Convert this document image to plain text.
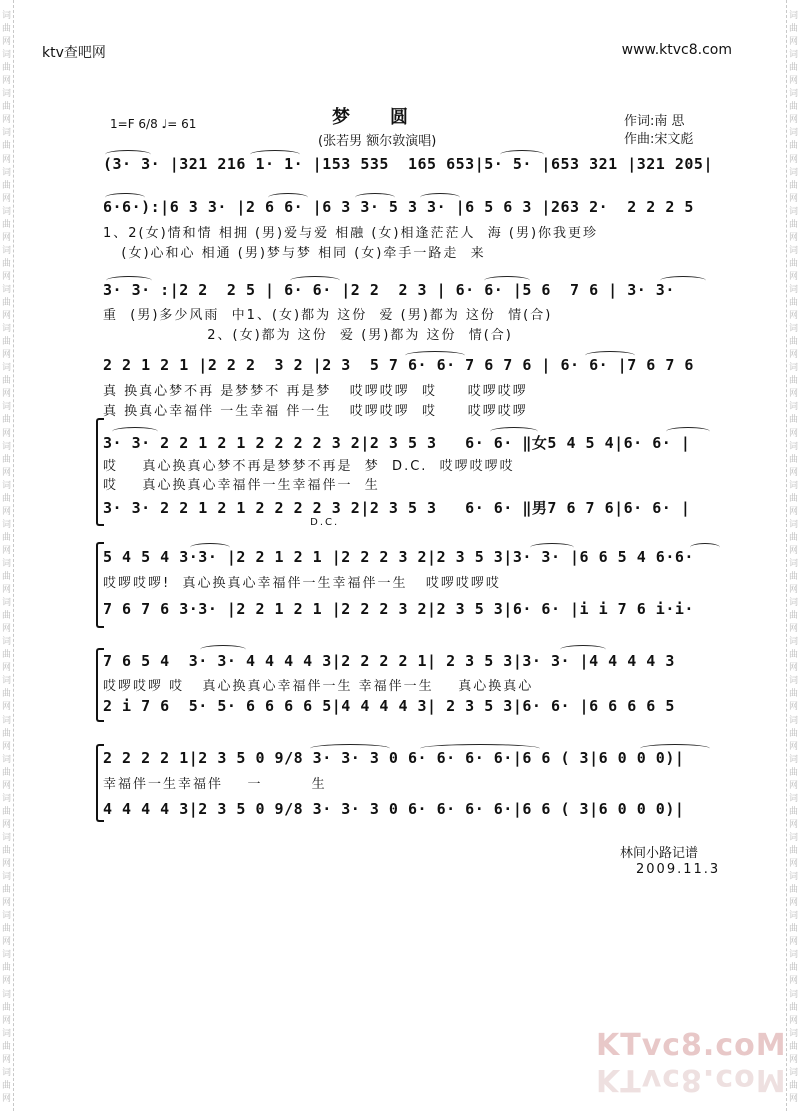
词
曲
网
词
曲
网
词
曲
网
词
曲
网
词
曲
网
词
曲
网
词
曲
网
词
曲
网
词
曲
网
词
曲
网
词
曲
网
词
曲
网
词
曲
网
词
曲
网
词
曲
网
词
曲
网
词
曲
网
词
曲
网
词
曲
网
词
曲
网
词
曲
网
词
曲
网
词
曲
网
词
曲
网
词
曲
网
词
曲
网
词
曲
网
词
曲
网
词
曲
网
词
曲
网
词
曲
网
词
曲
网
词
曲
网
词
曲
网
词
曲
网
词
曲
网
词
曲
网
词
曲
网
词
曲
网
词
曲
网
词
曲
网
词
曲
网
词
曲
网
词
曲
网
词
曲
网
词
曲
网
词
曲
网
词
曲
网
词
曲
网
词
曲
网
词
曲
网
词
曲
网
词
曲
网
词
曲
网
词
曲
网
词
曲
网
ktv查吧网	www.ktvc8.com
1=F 6/8 ♩= 61	梦圆
(张若男 额尔敦演唱)
作词:南 思
作曲:宋文彪
(3· 3· |321 216 1· 1· |153 535  165 653|5· 5· |653 321 |321 205|
6·6·):|6 3 3· |2 6 6· |6 3 3· 5 3 3· |6 5 6 3 |263 2·  2 2 2 5
1、2(女)情和情 相拥 (男)爱与爱 相融 (女)相逢茫茫人  海 (男)你我更珍
(女)心和心 相通 (男)梦与梦 相同 (女)牵手一路走  来
3· 3· :|2 2  2 5 | 6· 6· |2 2  2 3 | 6· 6· |5 6  7 6 | 3· 3·
重  (男)多少风雨  中1、(女)都为 这份  爱 (男)都为 这份  情(合)
2、(女)都为 这份  爱 (男)都为 这份  情(合)
2 2 1 2 1 |2 2 2  3 2 |2 3  5 7 6· 6· 7 6 7 6 | 6· 6· |7 6 7 6
真 换真心梦不再 是梦梦不 再是梦   哎啰哎啰  哎     哎啰哎啰
真 换真心幸福伴 一生幸福 伴一生   哎啰哎啰  哎     哎啰哎啰
3· 3· 2 2 1 2 1 2 2 2 2 3 2|2 3 5 3   6· 6· ‖女5 4 5 4|6· 6· |
哎    真心换真心梦不再是梦梦不再是  梦  D.C.  哎啰哎啰哎
哎    真心换真心幸福伴一生幸福伴一  生
3· 3· 2 2 1 2 1 2 2 2 2 3 2|2 3 5 3   6· 6· ‖男7 6 7 6|6· 6· |
D.C.
5 4 5 4 3·3· |2 2 1 2 1 |2 2 2 3 2|2 3 5 3|3· 3· |6 6 5 4 6·6·
哎啰哎啰!  真心换真心幸福伴一生幸福伴一生   哎啰哎啰哎
7 6 7 6 3·3· |2 2 1 2 1 |2 2 2 3 2|2 3 5 3|6· 6· |i i 7 6 i·i·
7 6 5 4  3· 3· 4 4 4 4 3|2 2 2 2 1| 2 3 5 3|3· 3· |4 4 4 4 3
哎啰哎啰 哎   真心换真心幸福伴一生 幸福伴一生    真心换真心
2 i 7 6  5· 5· 6 6 6 6 5|4 4 4 4 3| 2 3 5 3|6· 6· |6 6 6 6 5
2 2 2 2 1|2 3 5 0 9/8 3· 3· 3 0 6· 6· 6· 6·|6 6 ( 3|6 0 0 0)|
幸福伴一生幸福伴    一        生
4 4 4 4 3|2 3 5 0 9/8 3· 3· 3 0 6· 6· 6· 6·|6 6 ( 3|6 0 0 0)|
林间小路记谱
2009.11.3
KTvc8.coM
KTvc8.coM
